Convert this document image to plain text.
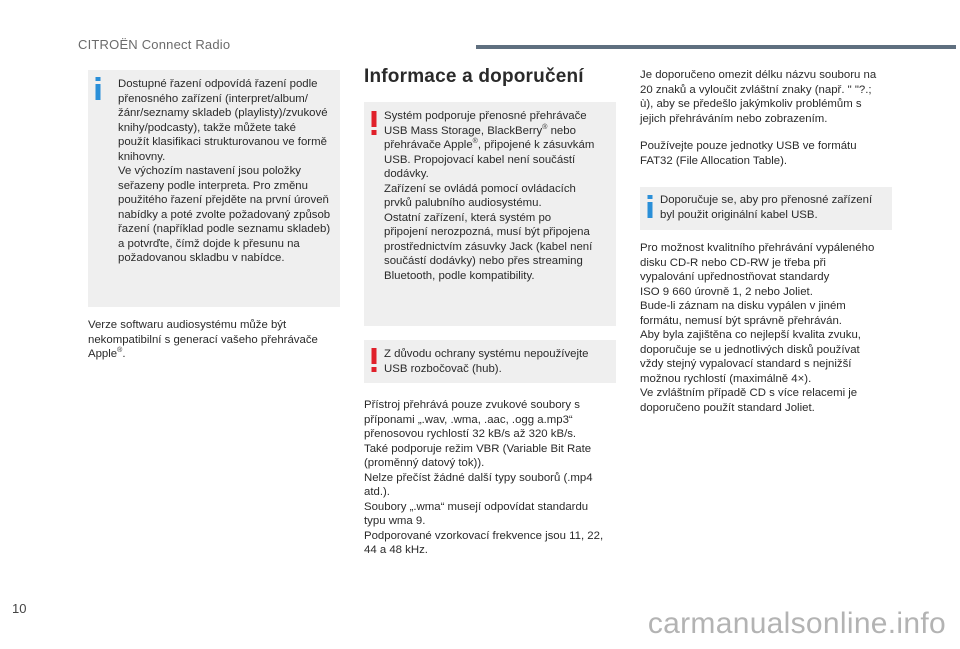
CITROËN Connect Radio
Dostupné řazení odpovídá řazení podle
přenosného zařízení (interpret/album/
žánr/seznamy skladeb (playlisty)/zvukové
knihy/podcasty), takže můžete také
použít klasifikaci strukturovanou ve formě
knihovny.
Ve výchozím nastavení jsou položky
seřazeny podle interpreta. Pro změnu
použitého řazení přejděte na první úroveň
nabídky a poté zvolte požadovaný způsob
řazení (například podle seznamu skladeb)
a potvrďte, čímž dojde k přesunu na
požadovanou skladbu v nabídce.
Verze softwaru audiosystému může být
nekompatibilní s generací vašeho přehrávače
Apple®.
Informace a doporučení
Systém podporuje přenosné přehrávače
USB Mass Storage, BlackBerry® nebo
přehrávače Apple®, připojené k zásuvkám
USB. Propojovací kabel není součástí
dodávky.
Zařízení se ovládá pomocí ovládacích
prvků palubního audiosystému.
Ostatní zařízení, která systém po
připojení nerozpozná, musí být připojena
prostřednictvím zásuvky Jack (kabel není
součástí dodávky) nebo přes streaming
Bluetooth, podle kompatibility.
Z důvodu ochrany systému nepoužívejte
USB rozbočovač (hub).
Přístroj přehrává pouze zvukové soubory s
příponami „.wav, .wma, .aac, .ogg a.mp3“
přenosovou rychlostí 32 kB/s až 320 kB/s.
Také podporuje režim VBR (Variable Bit Rate
(proměnný datový tok)).
Nelze přečíst žádné další typy souborů (.mp4
atd.).
Soubory „.wma“ musejí odpovídat standardu
typu wma 9.
Podporované vzorkovací frekvence jsou 11, 22,
44 a 48 kHz.
Je doporučeno omezit délku názvu souboru na
20 znaků a vyloučit zvláštní znaky (např. " "?.;
ù), aby se předešlo jakýmkoliv problémům s
jejich přehráváním nebo zobrazením.
Používejte pouze jednotky USB ve formátu
FAT32 (File Allocation Table).
Doporučuje se, aby pro přenosné zařízení
byl použit originální kabel USB.
Pro možnost kvalitního přehrávání vypáleného
disku CD-R nebo CD-RW je třeba při
vypalování upřednostňovat standardy
ISO 9 660 úrovně 1, 2 nebo Joliet.
Bude-li záznam na disku vypálen v jiném
formátu, nemusí být správně přehráván.
Aby byla zajištěna co nejlepší kvalita zvuku,
doporučuje se u jednotlivých disků používat
vždy stejný vypalovací standard s nejnižší
možnou rychlostí (maximálně 4×).
Ve zvláštním případě CD s více relacemi je
doporučeno použít standard Joliet.
10	carmanualsonline.info
